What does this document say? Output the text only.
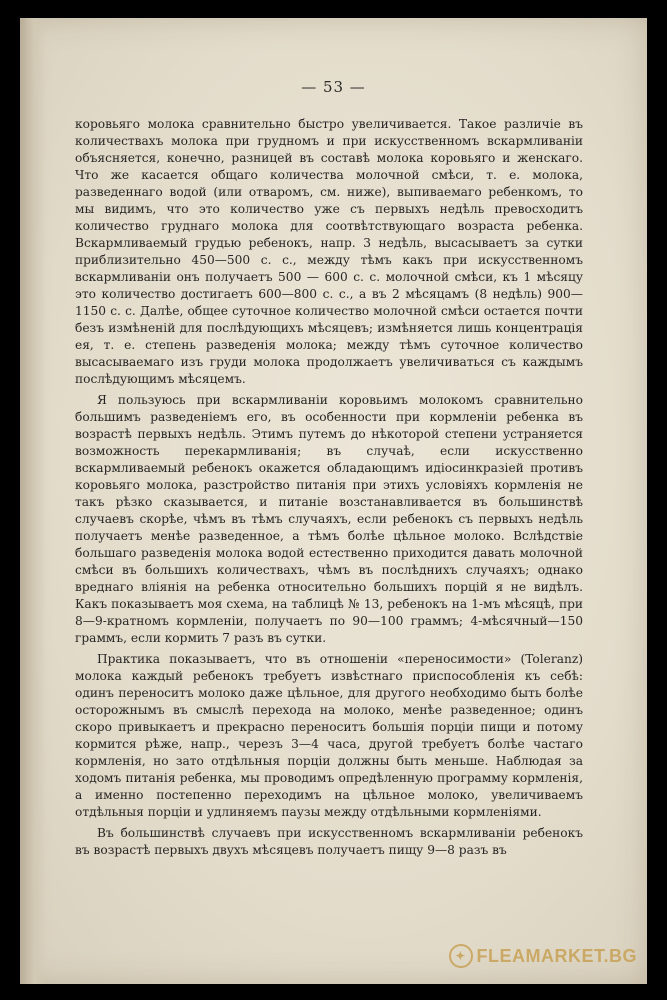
— 53 —

коровьяго молока сравнительно быстро увеличивается. Такое различіе въ количествахъ молока при грудномъ и при искусственномъ вскармливаніи объясняется, конечно, разницей въ составѣ молока коровьяго и женскаго. Что же касается общаго количества молочной смѣси, т. е. молока, разведеннаго водой (или отваромъ, см. ниже), выпиваемаго ребенкомъ, то мы видимъ, что это количество уже съ первыхъ недѣль превосходитъ количество груднаго молока для соотвѣтствующаго возраста ребенка. Вскармливаемый грудью ребенокъ, напр. 3 недѣль, высасываетъ за сутки приблизительно 450—500 с. с., между тѣмъ какъ при искусственномъ вскармливаніи онъ получаетъ 500 — 600 с. с. молочной смѣси, къ 1 мѣсяцу это количество достигаетъ 600—800 с. с., а въ 2 мѣсяцамъ (8 недѣль) 900—1150 с. с. Далѣе, общее суточное количество молочной смѣси остается почти безъ измѣненій для послѣдующихъ мѣсяцевъ; измѣняется лишь концентрація ея, т. е. степень разведенія молока; между тѣмъ суточное количество высасываемаго изъ груди молока продолжаетъ увеличиваться съ каждымъ послѣдующимъ мѣсяцемъ.

Я пользуюсь при вскармливаніи коровьимъ молокомъ сравнительно большимъ разведеніемъ его, въ особенности при кормленіи ребенка въ возрастѣ первыхъ недѣль. Этимъ путемъ до нѣкоторой степени устраняется возможность перекармливанія; въ случаѣ, если искусственно вскармливаемый ребенокъ окажется обладающимъ идіосинкразіей противъ коровьяго молока, разстройство питанія при этихъ условіяхъ кормленія не такъ рѣзко сказывается, и питаніе возстанавливается въ большинствѣ случаевъ скорѣе, чѣмъ въ тѣмъ случаяхъ, если ребенокъ съ первыхъ недѣль получаетъ менѣе разведенное, а тѣмъ болѣе цѣльное молоко. Вслѣдствіе большаго разведенія молока водой естественно приходится давать молочной смѣси въ большихъ количествахъ, чѣмъ въ послѣднихъ случаяхъ; однако вреднаго вліянія на ребенка относительно большихъ порцій я не видѣлъ. Какъ показываетъ моя схема, на таблицѣ № 13, ребенокъ на 1-мъ мѣсяцѣ, при 8—9-кратномъ кормленіи, получаетъ по 90—100 граммъ; 4-мѣсячный—150 граммъ, если кормить 7 разъ въ сутки.

Практика показываетъ, что въ отношеніи «переносимости» (Toleranz) молока каждый ребенокъ требуетъ извѣстнаго приспособленія къ себѣ: одинъ переноситъ молоко даже цѣльное, для другого необходимо быть болѣе осторожнымъ въ смыслѣ перехода на молоко, менѣе разведенное; одинъ скоро привыкаетъ и прекрасно переноситъ большія порціи пищи и потому кормится рѣже, напр., черезъ 3—4 часа, другой требуетъ болѣе частаго кормленія, но зато отдѣльныя порціи должны быть меньше. Наблюдая за ходомъ питанія ребенка, мы проводимъ опредѣленную программу кормленія, а именно постепенно переходимъ на цѣльное молоко, увеличиваемъ отдѣльныя порціи и удлиняемъ паузы между отдѣльными кормленіями.

Въ большинствѣ случаевъ при искусственномъ вскармливаніи ребенокъ въ возрастѣ первыхъ двухъ мѣсяцевъ получаетъ пищу 9—8 разъ въ

✦ FLEAMARKET.BG
